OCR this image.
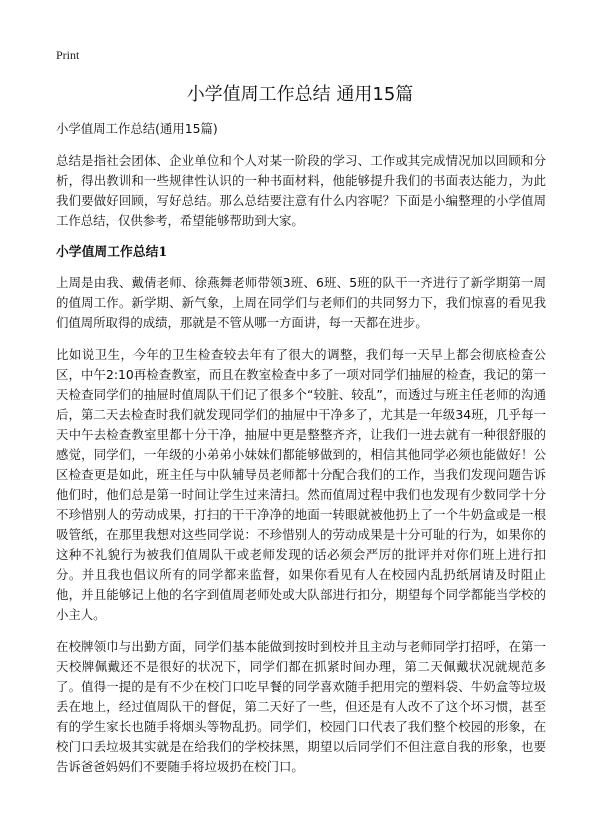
Print

小学值周工作总结 通用15篇

小学值周工作总结(通用15篇)

总结是指社会团体、企业单位和个人对某一阶段的学习、工作或其完成情况加以回顾和分析，得出教训和一些规律性认识的一种书面材料，他能够提升我们的书面表达能力，为此我们要做好回顾，写好总结。那么总结要注意有什么内容呢？下面是小编整理的小学值周工作总结，仅供参考，希望能够帮助到大家。

小学值周工作总结1

上周是由我、戴倩老师、徐燕舞老师带领3班、6班、5班的队干一齐进行了新学期第一周的值周工作。新学期、新气象，上周在同学们与老师们的共同努力下，我们惊喜的看见我们值周所取得的成绩，那就是不管从哪一方面讲，每一天都在进步。

比如说卫生，今年的卫生检查较去年有了很大的调整，我们每一天早上都会彻底检查公区，中午2:10再检查教室，而且在教室检查中多了一项对同学们抽屉的检查，我记的第一天检查同学们的抽屉时值周队干们记了很多个“较脏、较乱”，而透过与班主任老师的沟通后，第二天去检查时我们就发现同学们的抽屉中干净多了，尤其是一年级34班，几乎每一天中午去检查教室里都十分干净，抽屉中更是整整齐齐，让我们一进去就有一种很舒服的感觉，同学们，一年级的小弟弟小妹妹们都能够做到的，相信其他同学必须也能做好！公区检查更是如此，班主任与中队辅导员老师都十分配合我们的工作，当我们发现问题告诉他们时，他们总是第一时间让学生过来清扫。然而值周过程中我们也发现有少数同学十分不珍惜别人的劳动成果，打扫的干干净净的地面一转眼就被他扔上了一个牛奶盒或是一根吸管纸，在那里我想对这些同学说：不珍惜别人的劳动成果是十分可耻的行为，如果你的这种不礼貌行为被我们值周队干或老师发现的话必须会严厉的批评并对你们班上进行扣分。并且我也倡议所有的同学都来监督，如果你看见有人在校园内乱扔纸屑请及时阻止他，并且能够记上他的名字到值周老师处或大队部进行扣分，期望每个同学都能当学校的小主人。

在校牌领巾与出勤方面，同学们基本能做到按时到校并且主动与老师同学打招呼，在第一天校牌佩戴还不是很好的状况下，同学们都在抓紧时间办理，第二天佩戴状况就规范多了。值得一提的是有不少在校门口吃早餐的同学喜欢随手把用完的塑料袋、牛奶盒等垃圾丢在地上，经过值周队干的督促，第二天好了一些，但还是有人改不了这个坏习惯，甚至有的学生家长也随手将烟头等物乱扔。同学们，校园门口代表了我们整个校园的形象，在校门口丢垃圾其实就是在给我们的学校抹黑，期望以后同学们不但注意自我的形象，也要告诉爸爸妈妈们不要随手将垃圾扔在校门口。
